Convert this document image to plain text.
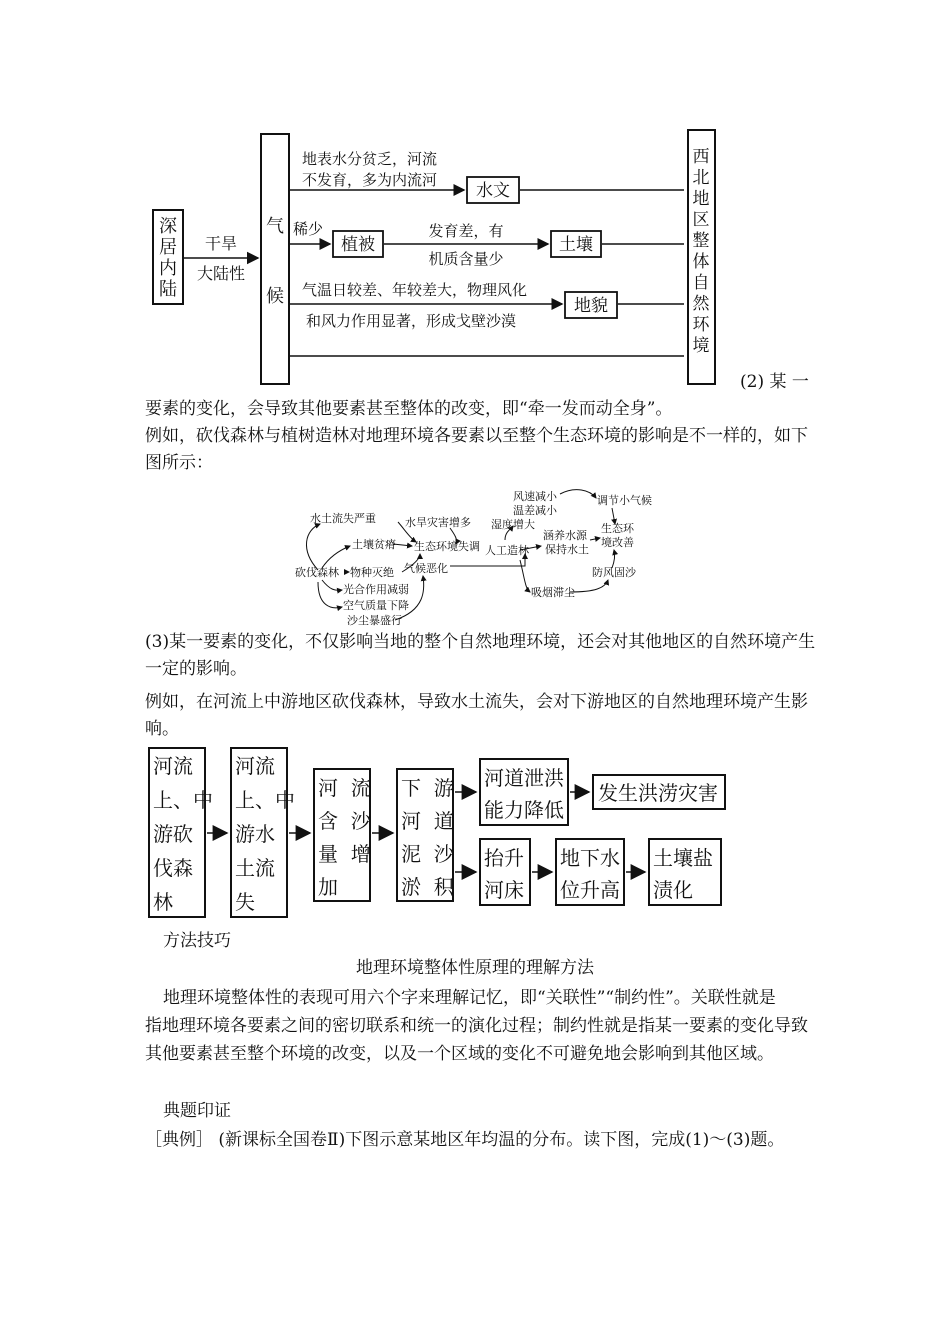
深
居
内
陆
干旱
大陆性
气
候
西
北
地
区
整
体
自
然
环
境
地表水分贫乏，河流
不发育，多为内流河
水文
稀少
植被
发育差，有
机质含量少
土壤
气温日较差、年较差大，物理风化
和风力作用显著，形成戈壁沙漠
地貌
(2) 某 一

要素的变化，会导致其他要素甚至整体的改变，即“牵一发而动全身”。

例如，砍伐森林与植树造林对地理环境各要素以至整个生态环境的影响是不一样的，如下

图所示：

水土流失严重	水旱灾害增多
土壤贫瘠 生态环境失调
砍伐森林 物种灭绝 气候恶化
光合作用减弱
空气质量下降
沙尘暴盛行
风速减小
温差减小
湿度增大
调节小气候
人工造林
涵养水源
保持水土
生态环
境改善
防风固沙
吸烟滞尘

(3)某一要素的变化，不仅影响当地的整个自然地理环境，还会对其他地区的自然环境产生

一定的影响。

例如，在河流上中游地区砍伐森林，导致水土流失，会对下游地区的自然地理环境产生影

响。

河流
上、中
游砍
伐森
林
河流
上、中
游水
土流
失
河  流
含  沙
量  增
加
下  游
河  道
泥  沙
淤  积
河道泄洪
能力降低
发生洪涝灾害
抬升
河床
地下水
位升高
土壤盐
渍化

方法技巧

地理环境整体性原理的理解方法

地理环境整体性的表现可用六个字来理解记忆，即“关联性”“制约性”。关联性就是

指地理环境各要素之间的密切联系和统一的演化过程；制约性就是指某一要素的变化导致

其他要素甚至整个环境的改变，以及一个区域的变化不可避免地会影响到其他区域。

典题印证

［典例］ (新课标全国卷Ⅱ)下图示意某地区年均温的分布。读下图，完成(1)～(3)题。
